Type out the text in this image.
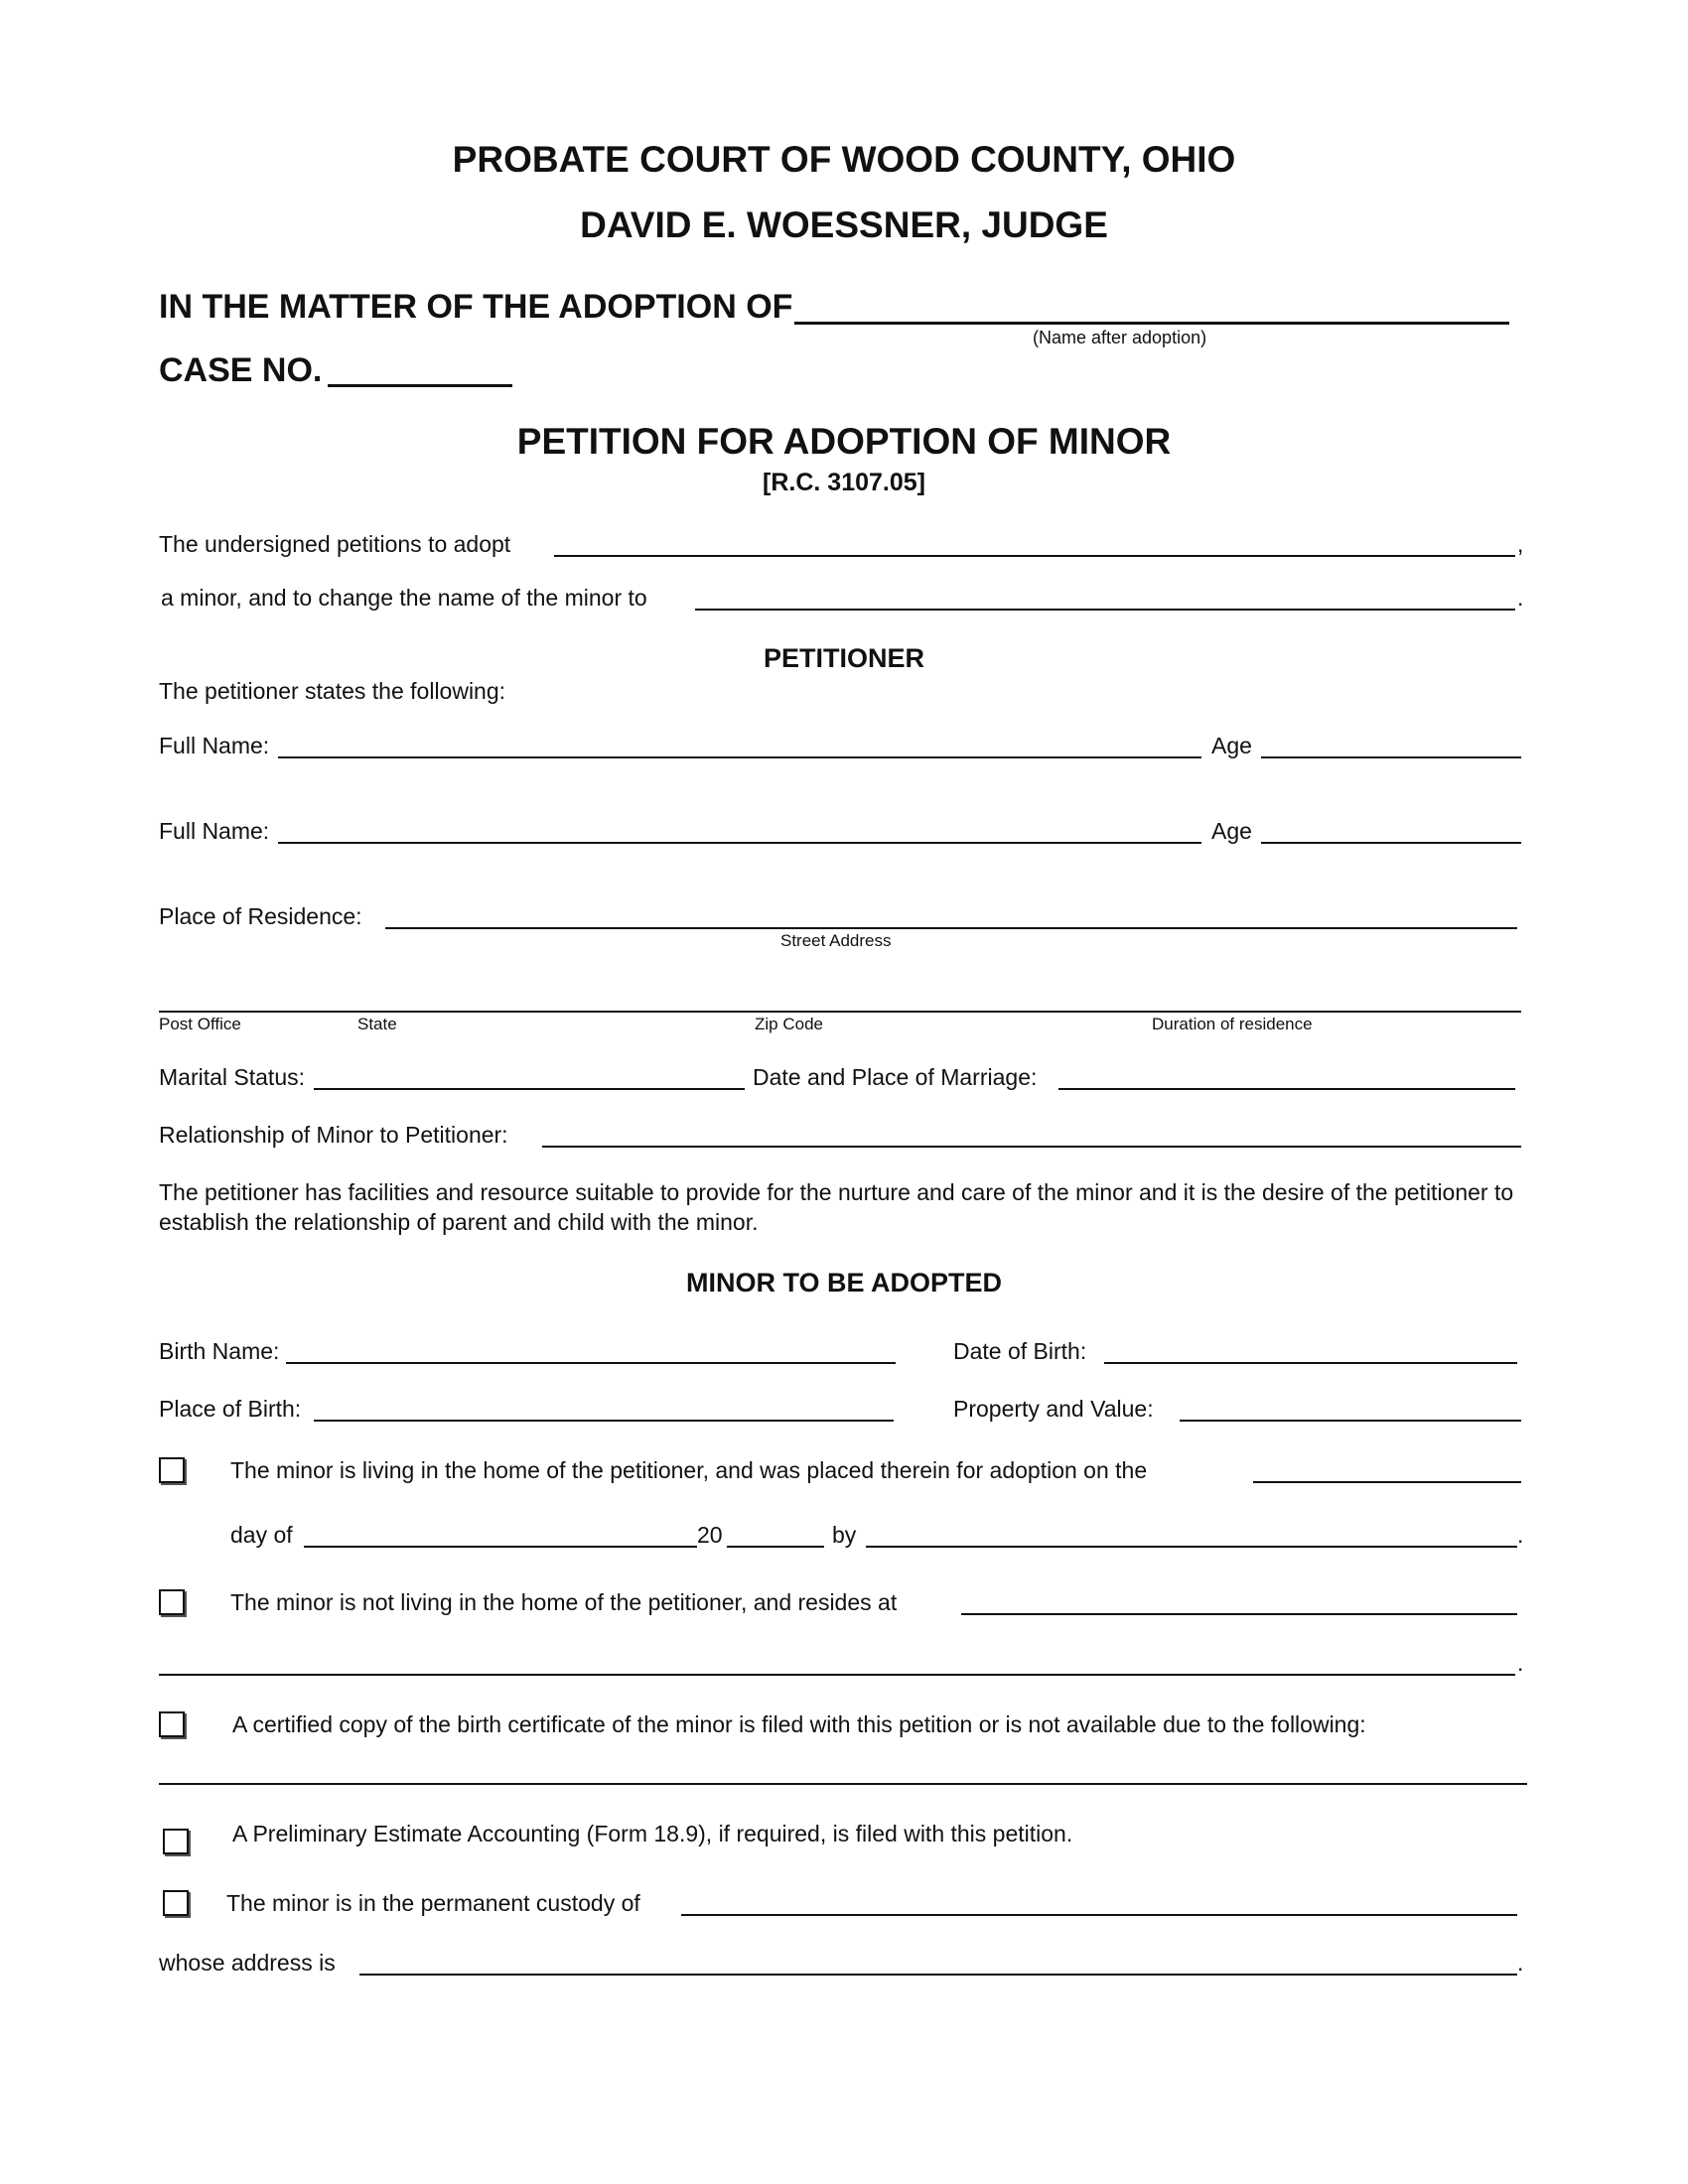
PROBATE COURT OF WOOD COUNTY, OHIO
DAVID E. WOESSNER, JUDGE
IN THE MATTER OF THE ADOPTION OF
(Name after adoption)
CASE NO.
PETITION FOR ADOPTION OF MINOR
[R.C. 3107.05]
The undersigned petitions to adopt	,
a minor, and to change the name of the minor to	.
PETITIONER
The petitioner states the following:
Full Name:	Age
Full Name:	Age
Place of Residence:
Street Address
Post Office	State	Zip Code	Duration of residence
Marital Status:	Date and Place of Marriage:
Relationship of Minor to Petitioner:
The petitioner has facilities and resource suitable to provide for the nurture and care of the minor and it is the desire of the petitioner to establish the relationship of parent and child with the minor.
MINOR TO BE ADOPTED
Birth Name:	Date of Birth:
Place of Birth:	Property and Value:
The minor is living in the home of the petitioner, and was placed therein for adoption on the
day of	20	by	.
The minor is not living in the home of the petitioner, and resides at
.
A certified copy of the birth certificate of the minor is filed with this petition or is not available due to the following:
A Preliminary Estimate Accounting (Form 18.9), if required, is filed with this petition.
The minor is in the permanent custody of
whose address is	.
